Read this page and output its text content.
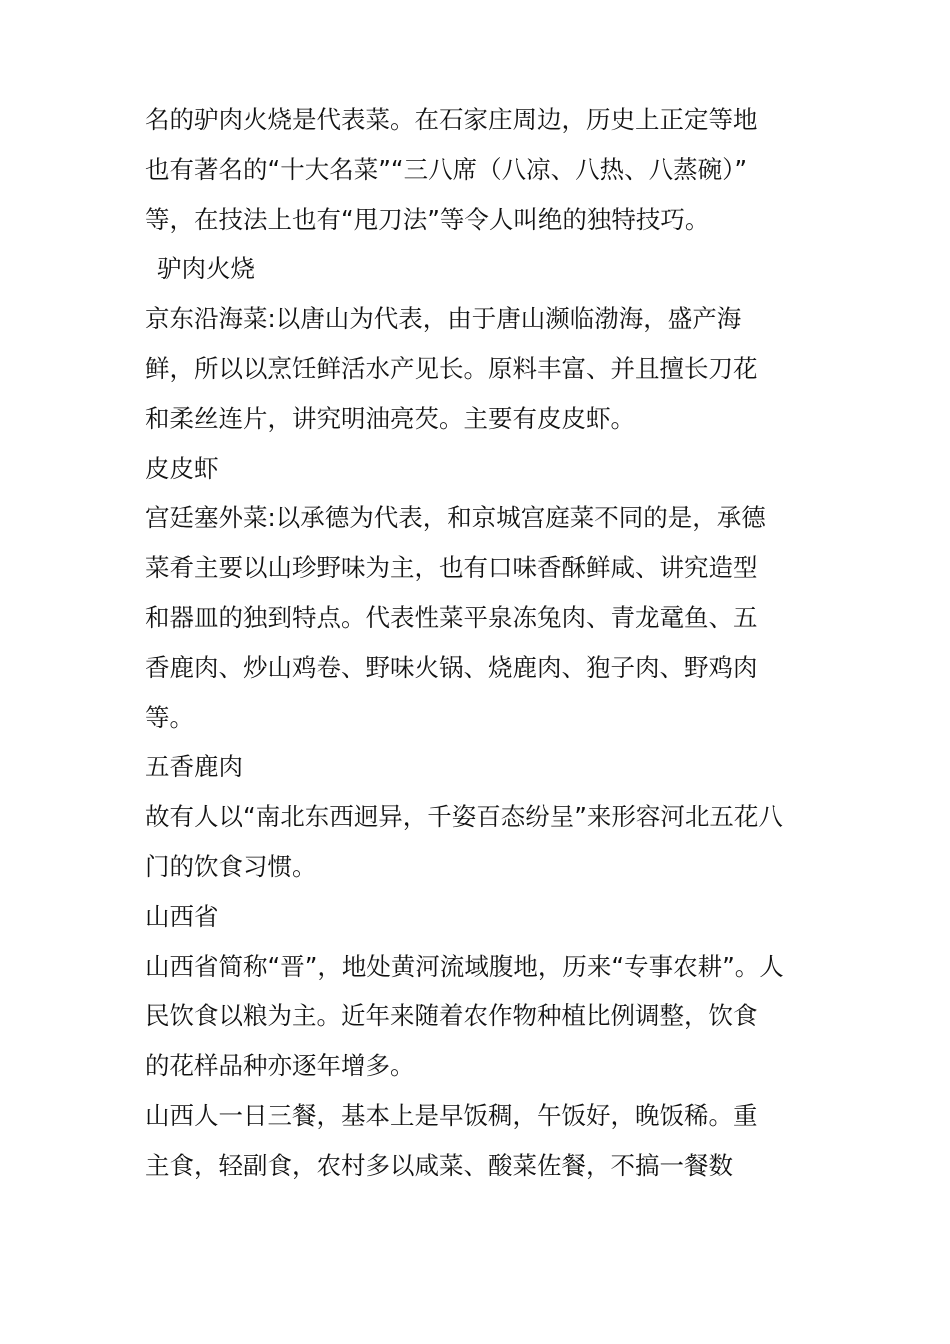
名的驴肉火烧是代表菜。在石家庄周边，历史上正定等地
也有著名的“十大名菜”“三八席（八凉、八热、八蒸碗）”
等，在技法上也有“甩刀法”等令人叫绝的独特技巧。
驴肉火烧
京东沿海菜:以唐山为代表，由于唐山濒临渤海，盛产海
鲜，所以以烹饪鲜活水产见长。原料丰富、并且擅长刀花
和柔丝连片，讲究明油亮芡。主要有皮皮虾。
皮皮虾
宫廷塞外菜:以承德为代表，和京城宫庭菜不同的是，承德
菜肴主要以山珍野味为主，也有口味香酥鲜咸、讲究造型
和器皿的独到特点。代表性菜平泉冻兔肉、青龙鼋鱼、五
香鹿肉、炒山鸡卷、野味火锅、烧鹿肉、狍子肉、野鸡肉
等。
五香鹿肉
故有人以“南北东西迥异，千姿百态纷呈”来形容河北五花八
门的饮食习惯。
山西省
山西省简称“晋”，地处黄河流域腹地，历来“专事农耕”。人
民饮食以粮为主。近年来随着农作物种植比例调整，饮食
的花样品种亦逐年增多。
山西人一日三餐，基本上是早饭稠，午饭好，晚饭稀。重
主食，轻副食，农村多以咸菜、酸菜佐餐，不搞一餐数
